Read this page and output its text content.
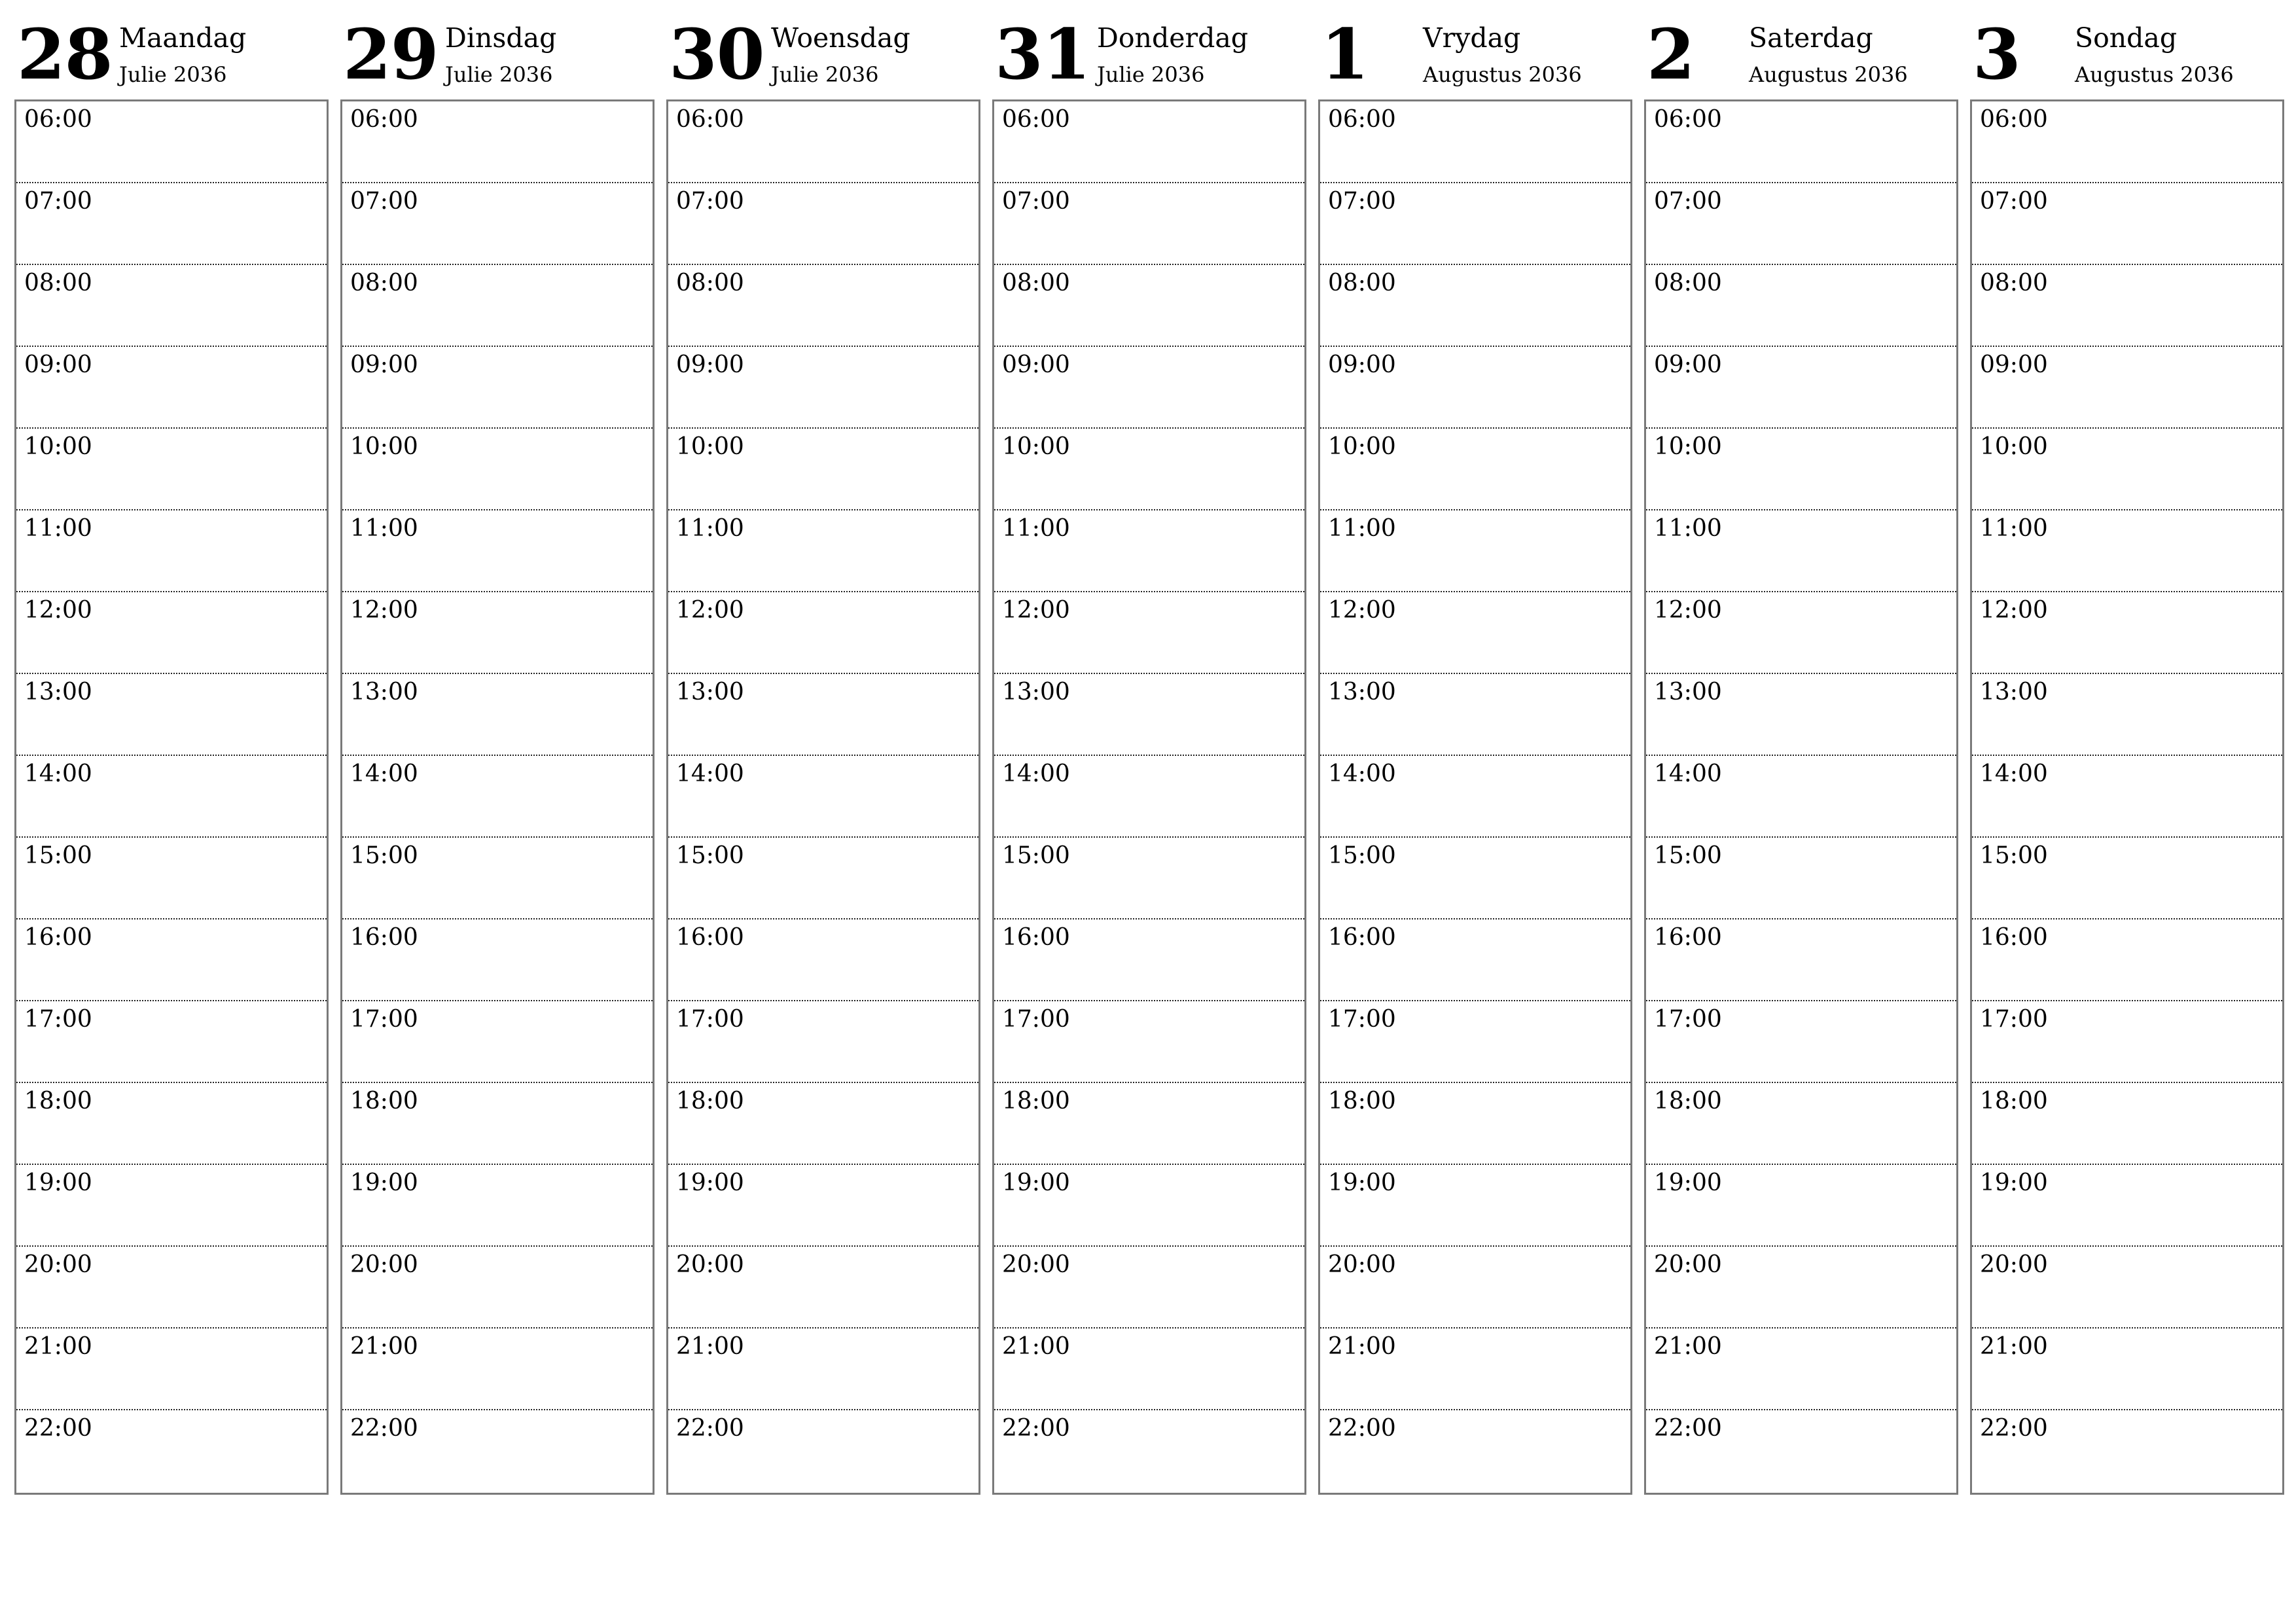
28 Maandag
Julie 2036
06:00
07:00
08:00
09:00
10:00
11:00
12:00
13:00
14:00
15:00
16:00
17:00
18:00
19:00
20:00
21:00
22:00
29 Dinsdag
Julie 2036
06:00
07:00
08:00
09:00
10:00
11:00
12:00
13:00
14:00
15:00
16:00
17:00
18:00
19:00
20:00
21:00
22:00
30 Woensdag
Julie 2036
06:00
07:00
08:00
09:00
10:00
11:00
12:00
13:00
14:00
15:00
16:00
17:00
18:00
19:00
20:00
21:00
22:00
31 Donderdag
Julie 2036
06:00
07:00
08:00
09:00
10:00
11:00
12:00
13:00
14:00
15:00
16:00
17:00
18:00
19:00
20:00
21:00
22:00
1 Vrydag
Augustus 2036
06:00
07:00
08:00
09:00
10:00
11:00
12:00
13:00
14:00
15:00
16:00
17:00
18:00
19:00
20:00
21:00
22:00
2 Saterdag
Augustus 2036
06:00
07:00
08:00
09:00
10:00
11:00
12:00
13:00
14:00
15:00
16:00
17:00
18:00
19:00
20:00
21:00
22:00
3 Sondag
Augustus 2036
06:00
07:00
08:00
09:00
10:00
11:00
12:00
13:00
14:00
15:00
16:00
17:00
18:00
19:00
20:00
21:00
22:00
